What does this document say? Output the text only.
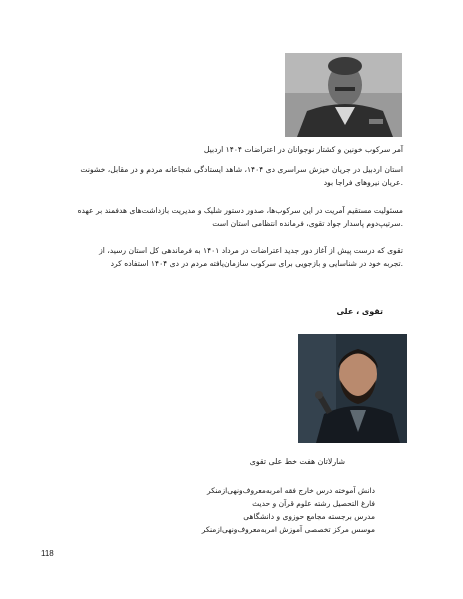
آمر سرکوب خونین و کشتار نوجوانان در اعتراضات ۱۴۰۴ اردبیل

استان اردبیل در جریان خیزش سراسری دی ۱۴۰۴، شاهد ایستادگی شجاعانه مردم و در مقابل، خشونت

.عریان نیروهای فراجا بود

مسئولیت مستقیم آمریت در این سرکوب‌ها، صدور دستور شلیک و مدیریت بازداشت‌های هدفمند بر عهده

.سرتیپ‌دوم پاسدار جواد تقوی، فرمانده انتظامی استان است

تقوی که درست پیش از آغاز دور جدید اعتراضات در مرداد ۱۴۰۱ به فرماندهی کل استان رسید، از

.تجربه خود در شناسایی و بازجویی برای سرکوب سازمان‌یافته مردم در دی ۱۴۰۴ استفاده کرد

تقوی ، علی
شارلاتان هفت خط علی تقوی

دانش آموخته درس خارج فقه امربه‌معروف‌ونهی‌ازمنکر

فارغ التحصیل رشته علوم قرآن و حدیث

مدرس برجسته مجامع حوزوی و دانشگاهی

موسس مرکز تخصصی آموزش امربه‌معروف‌ونهی‌ازمنکر

118
